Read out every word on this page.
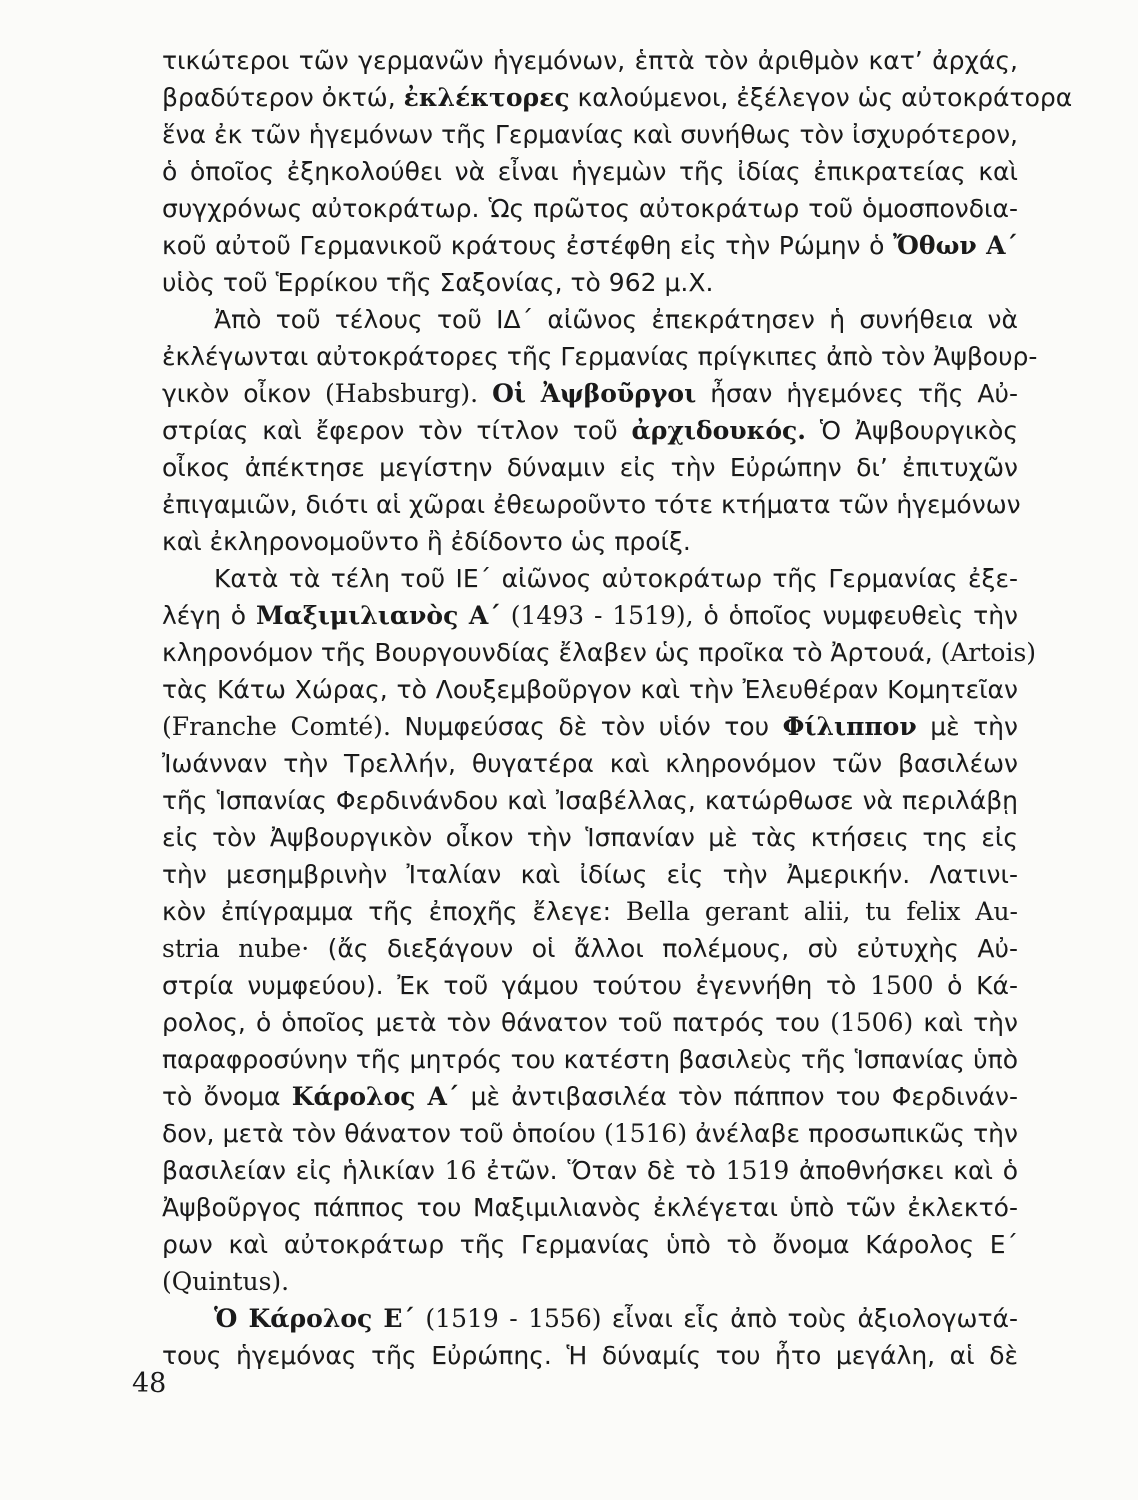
τικώτεροι τῶν γερμανῶν ἡγεμόνων, ἑπτὰ τὸν ἀριθμὸν κατ’ ἀρχάς,
βραδύτερον ὀκτώ, ἐκλέκτορες καλούμενοι, ἐξέλεγον ὡς αὐτοκράτορα
ἕνα ἐκ τῶν ἡγεμόνων τῆς Γερμανίας καὶ συνήθως τὸν ἰσχυρότερον,
ὁ ὁποῖος ἐξηκολούθει νὰ εἶναι ἡγεμὼν τῆς ἰδίας ἐπικρατείας καὶ
συγχρόνως αὐτοκράτωρ. Ὡς πρῶτος αὐτοκράτωρ τοῦ ὁμοσπονδια-
κοῦ αὐτοῦ Γερμανικοῦ κράτους ἐστέφθη εἰς τὴν Ρώμην ὁ Ὄθων Α΄
υἱὸς τοῦ Ἑρρίκου τῆς Σαξονίας, τὸ 962 μ.Χ.
Ἀπὸ τοῦ τέλους τοῦ ΙΔ΄ αἰῶνος ἐπεκράτησεν ἡ συνήθεια νὰ
ἐκλέγωνται αὐτοκράτορες τῆς Γερμανίας πρίγκιπες ἀπὸ τὸν Ἀψβουρ-
γικὸν οἶκον (Habsburg). Οἱ Ἀψβοῦργοι ἦσαν ἡγεμόνες τῆς Αὐ-
στρίας καὶ ἔφερον τὸν τίτλον τοῦ ἀρχιδουκός. Ὁ Ἀψβουργικὸς
οἶκος ἀπέκτησε μεγίστην δύναμιν εἰς τὴν Εὐρώπην δι’ ἐπιτυχῶν
ἐπιγαμιῶν, διότι αἱ χῶραι ἐθεωροῦντο τότε κτήματα τῶν ἡγεμόνων
καὶ ἐκληρονομοῦντο ἢ ἐδίδοντο ὡς προίξ.
Κατὰ τὰ τέλη τοῦ ΙΕ΄ αἰῶνος αὐτοκράτωρ τῆς Γερμανίας ἐξε-
λέγη ὁ Μαξιμιλιανὸς Α΄ (1493 - 1519), ὁ ὁποῖος νυμφευθεὶς τὴν
κληρονόμον τῆς Βουργουνδίας ἔλαβεν ὡς προῖκα τὸ Ἀρτουά, (Artois)
τὰς Κάτω Χώρας, τὸ Λουξεμβοῦργον καὶ τὴν Ἐλευθέραν Κομητεῖαν
(Franche Comté). Νυμφεύσας δὲ τὸν υἱόν του Φίλιππον μὲ τὴν
Ἰωάνναν τὴν Τρελλήν, θυγατέρα καὶ κληρονόμον τῶν βασιλέων
τῆς Ἱσπανίας Φερδινάνδου καὶ Ἰσαβέλλας, κατώρθωσε νὰ περιλάβῃ
εἰς τὸν Ἀψβουργικὸν οἶκον τὴν Ἱσπανίαν μὲ τὰς κτήσεις της εἰς
τὴν μεσημβρινὴν Ἰταλίαν καὶ ἰδίως εἰς τὴν Ἀμερικήν. Λατινι-
κὸν ἐπίγραμμα τῆς ἐποχῆς ἔλεγε: Bella gerant alii, tu felix Au-
stria nube· (ἄς διεξάγουν οἱ ἄλλοι πολέμους, σὺ εὐτυχὴς Αὐ-
στρία νυμφεύου). Ἐκ τοῦ γάμου τούτου ἐγεννήθη τὸ 1500 ὁ Κά-
ρολος, ὁ ὁποῖος μετὰ τὸν θάνατον τοῦ πατρός του (1506) καὶ τὴν
παραφροσύνην τῆς μητρός του κατέστη βασιλεὺς τῆς Ἱσπανίας ὑπὸ
τὸ ὄνομα Κάρολος Α΄ μὲ ἀντιβασιλέα τὸν πάππον του Φερδινάν-
δον, μετὰ τὸν θάνατον τοῦ ὁποίου (1516) ἀνέλαβε προσωπικῶς τὴν
βασιλείαν εἰς ἡλικίαν 16 ἐτῶν. Ὅταν δὲ τὸ 1519 ἀποθνήσκει καὶ ὁ
Ἀψβοῦργος πάππος του Μαξιμιλιανὸς ἐκλέγεται ὑπὸ τῶν ἐκλεκτό-
ρων καὶ αὐτοκράτωρ τῆς Γερμανίας ὑπὸ τὸ ὄνομα Κάρολος Ε΄
(Quintus).
Ὁ Κάρολος Ε΄ (1519 - 1556) εἶναι εἷς ἀπὸ τοὺς ἀξιολογωτά-
τους ἡγεμόνας τῆς Εὐρώπης. Ἡ δύναμίς του ἦτο μεγάλη, αἱ δὲ
48
